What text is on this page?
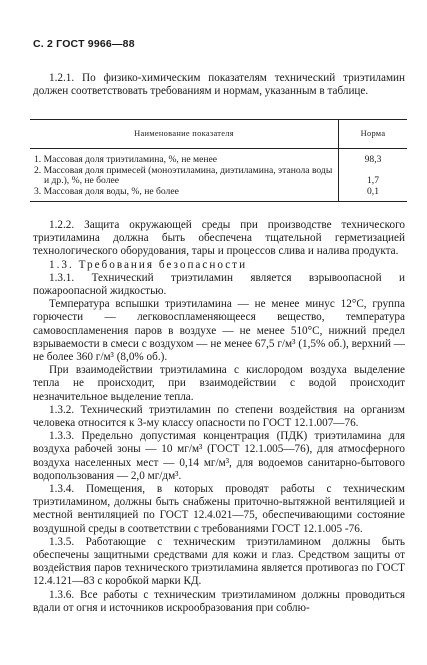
С. 2 ГОСТ 9966—88

1.2.1. По физико-химическим показателям технический триэтиламин должен соответствовать требованиям и нормам, указанным в таблице.

Наименование показателя	Норма

1. Массовая доля триэтиламина, %, не менее	98,3

2. Массовая доля примесей (моноэтиламина, диэтиламина, этанола воды и др.), %, не более	1,7

3. Массовая доля воды, %, не более	0,1

1.2.2. Защита окружающей среды при производстве технического триэтиламина должна быть обеспечена тщательной герметизацией технологического оборудования, тары и процессов слива и налива продукта.

1.3. Требования безопасности

1.3.1. Технический триэтиламин является взрывоопасной и пожароопасной жидкостью.

Температура вспышки триэтиламина — не менее минус 12°С, группа горючести — легковоспламеняющееся вещество, температура самовоспламенения паров в воздухе — не менее 510°С, нижний предел взрываемости в смеси с воздухом — не менее 67,5 г/м³ (1,5% об.), верхний — не более 360 г/м³ (8,0% об.).

При взаимодействии триэтиламина с кислородом воздуха выделение тепла не происходит, при взаимодействии с водой происходит незначительное выделение тепла.

1.3.2. Технический триэтиламин по степени воздействия на организм человека относится к 3-му классу опасности по ГОСТ 12.1.007—76.

1.3.3. Предельно допустимая концентрация (ПДК) триэтиламина для воздуха рабочей зоны — 10 мг/м³ (ГОСТ 12.1.005—76), для атмосферного воздуха населенных мест — 0,14 мг/м³, для водоемов санитарно-бытового водопользования — 2,0 мг/дм³.

1.3.4. Помещения, в которых проводят работы с техническим триэтиламином, должны быть снабжены приточно-вытяжной вентиляцией и местной вентиляцией по ГОСТ 12.4.021—75, обеспечивающими состояние воздушной среды в соответствии с требованиями ГОСТ 12.1.005 -76.

1.3.5. Работающие с техническим триэтиламином должны быть обеспечены защитными средствами для кожи и глаз. Средством защиты от воздействия паров технического триэтиламина является противогаз по ГОСТ 12.4.121—83 с коробкой марки КД.

1.3.6. Все работы с техническим триэтиламином должны проводиться вдали от огня и источников искрообразования при соблю-
